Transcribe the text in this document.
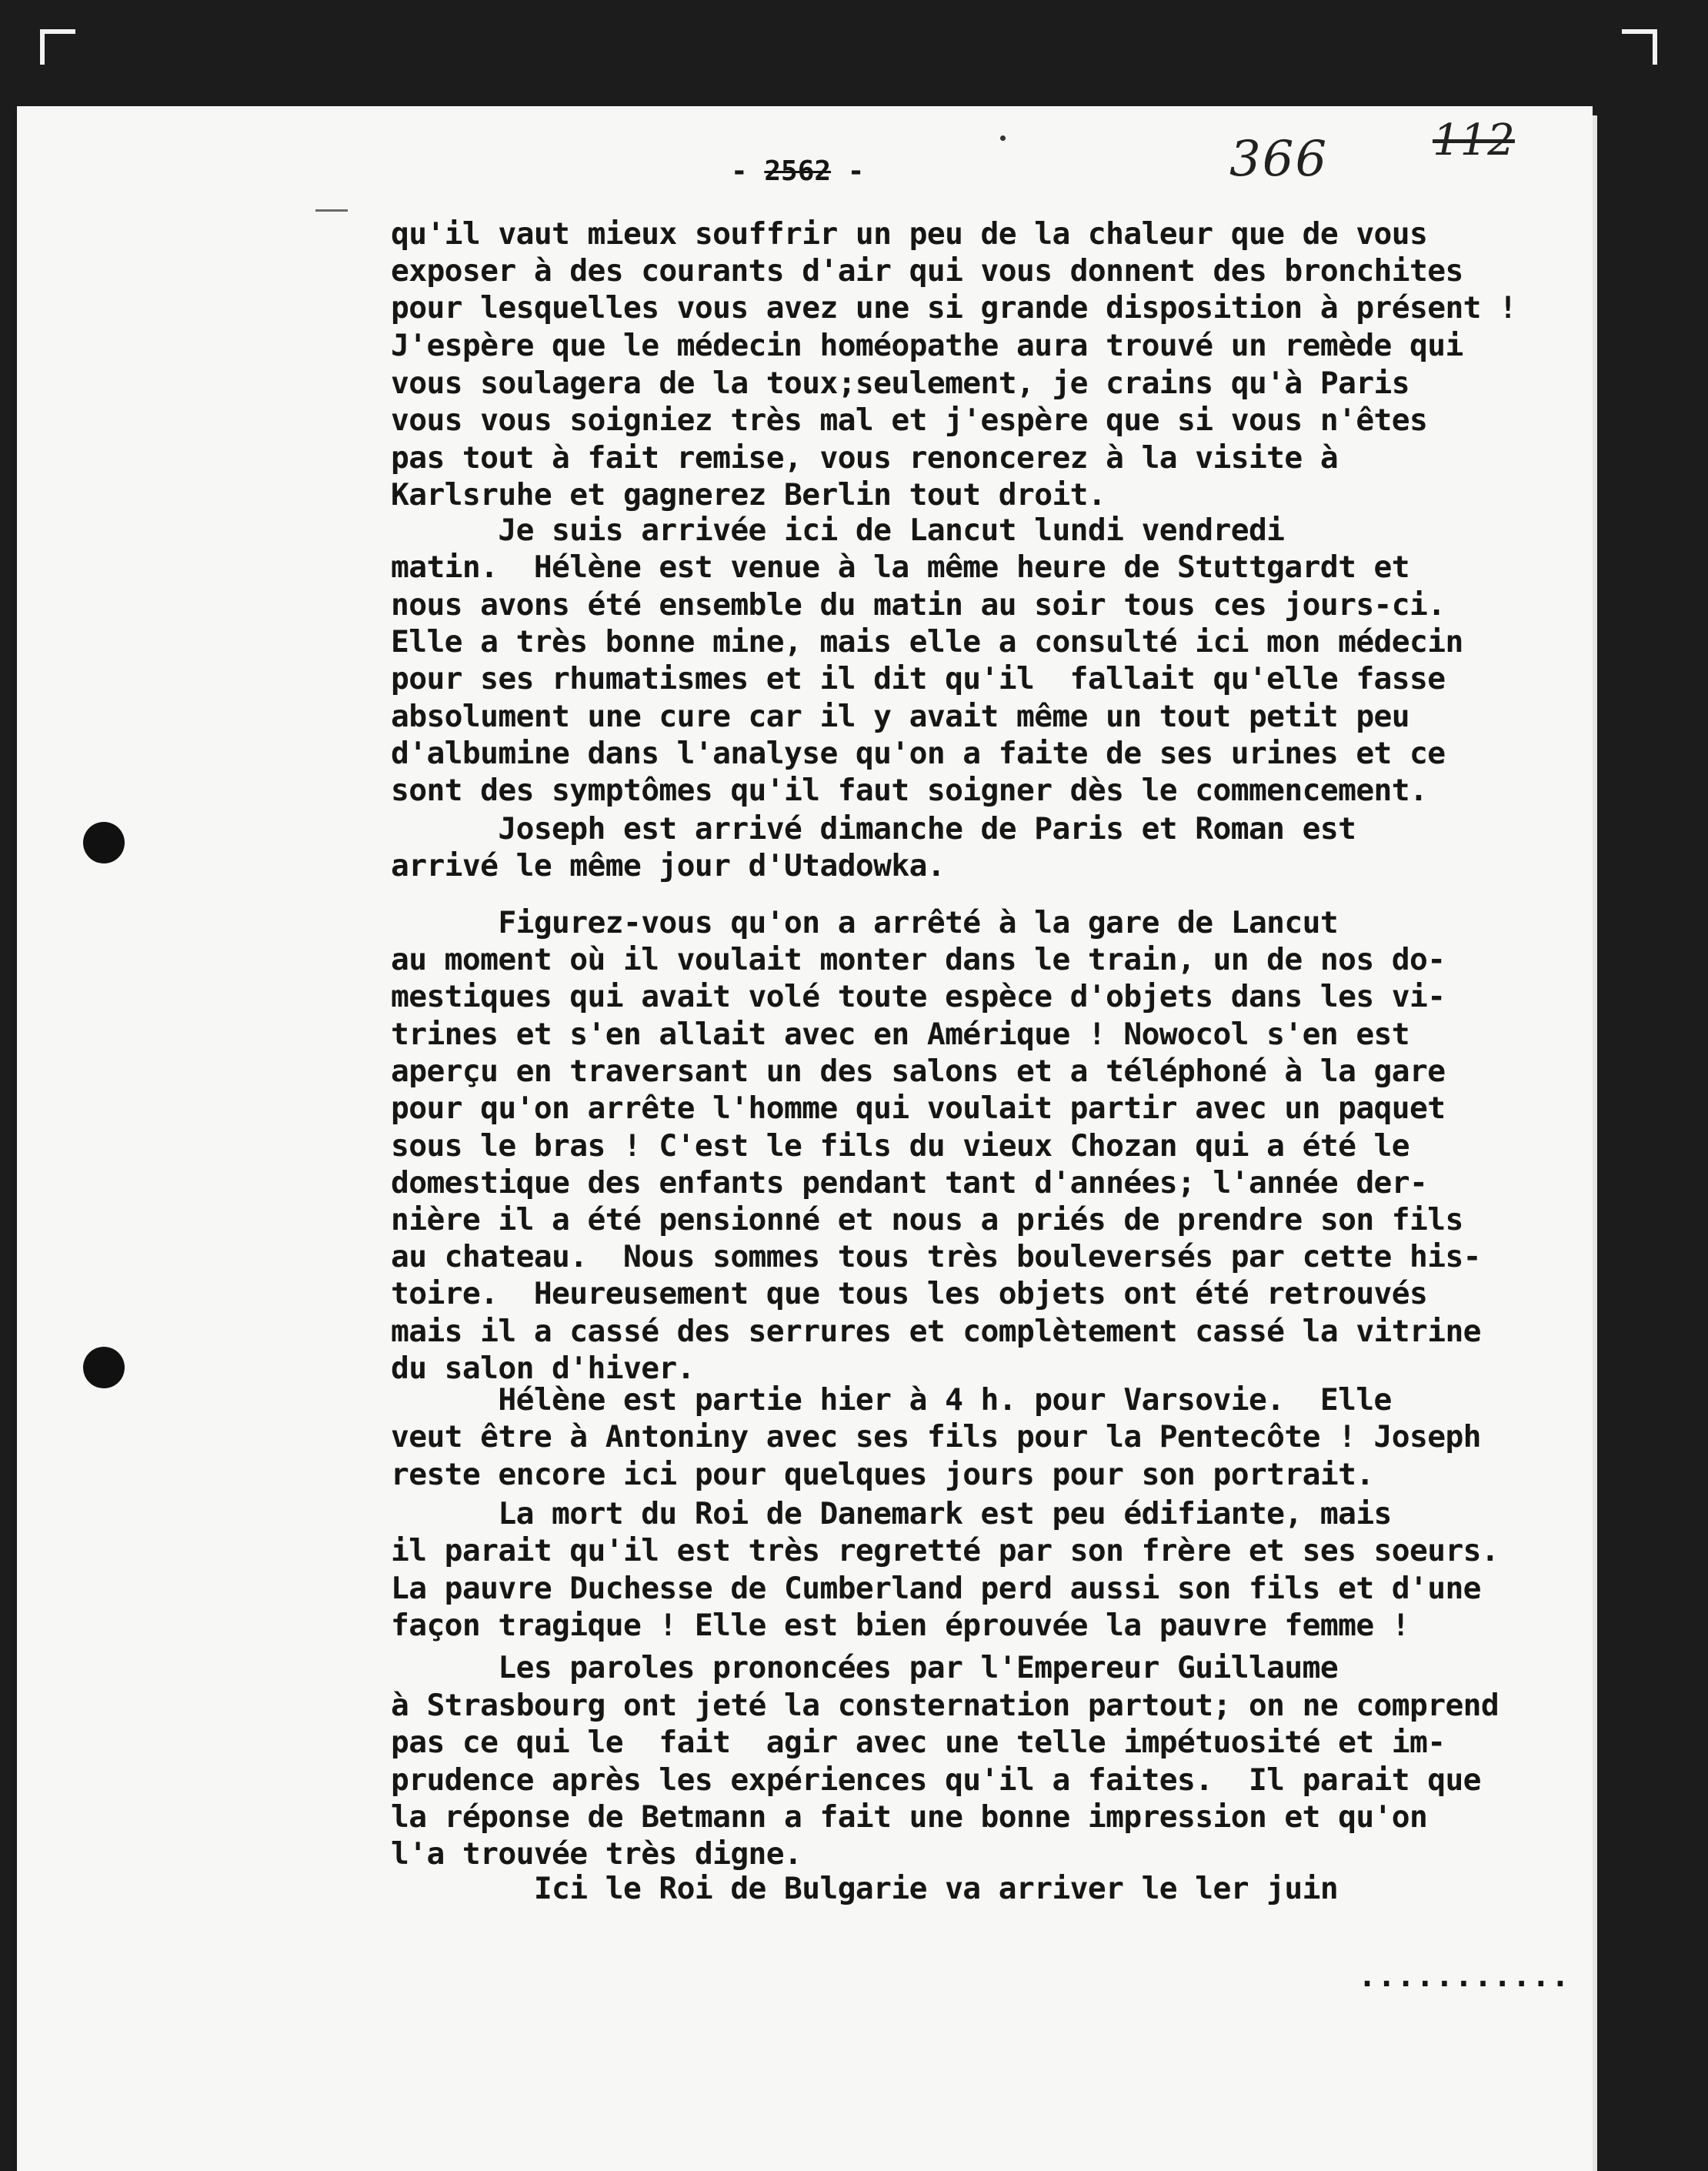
- 2562 -	366 112
qu'il vaut mieux souffrir un peu de la chaleur que de vous
exposer à des courants d'air qui vous donnent des bronchites
pour lesquelles vous avez une si grande disposition à présent !
J'espère que le médecin homéopathe aura trouvé un remède qui
vous soulagera de la toux;seulement, je crains qu'à Paris
vous vous soigniez très mal et j'espère que si vous n'êtes
pas tout à fait remise, vous renoncerez à la visite à
Karlsruhe et gagnerez Berlin tout droit.
Je suis arrivée ici de Lancut lundi vendredi
matin.  Hélène est venue à la même heure de Stuttgardt et
nous avons été ensemble du matin au soir tous ces jours-ci.
Elle a très bonne mine, mais elle a consulté ici mon médecin
pour ses rhumatismes et il dit qu'il  fallait qu'elle fasse
absolument une cure car il y avait même un tout petit peu
d'albumine dans l'analyse qu'on a faite de ses urines et ce
sont des symptômes qu'il faut soigner dès le commencement.
Joseph est arrivé dimanche de Paris et Roman est
arrivé le même jour d'Utadowka.
Figurez-vous qu'on a arrêté à la gare de Lancut
au moment où il voulait monter dans le train, un de nos do-
mestiques qui avait volé toute espèce d'objets dans les vi-
trines et s'en allait avec en Amérique ! Nowocol s'en est
aperçu en traversant un des salons et a téléphoné à la gare
pour qu'on arrête l'homme qui voulait partir avec un paquet
sous le bras ! C'est le fils du vieux Chozan qui a été le
domestique des enfants pendant tant d'années; l'année der-
nière il a été pensionné et nous a priés de prendre son fils
au chateau.  Nous sommes tous très bouleversés par cette his-
toire.  Heureusement que tous les objets ont été retrouvés
mais il a cassé des serrures et complètement cassé la vitrine
du salon d'hiver.
Hélène est partie hier à 4 h. pour Varsovie.  Elle
veut être à Antoniny avec ses fils pour la Pentecôte ! Joseph
reste encore ici pour quelques jours pour son portrait.
La mort du Roi de Danemark est peu édifiante, mais
il parait qu'il est très regretté par son frère et ses soeurs.
La pauvre Duchesse de Cumberland perd aussi son fils et d'une
façon tragique ! Elle est bien éprouvée la pauvre femme !
Les paroles prononcées par l'Empereur Guillaume
à Strasbourg ont jeté la consternation partout; on ne comprend
pas ce qui le  fait  agir avec une telle impétuosité et im-
prudence après les expériences qu'il a faites.  Il parait que
la réponse de Betmann a fait une bonne impression et qu'on
l'a trouvée très digne.
Ici le Roi de Bulgarie va arriver le ler juin
...........
